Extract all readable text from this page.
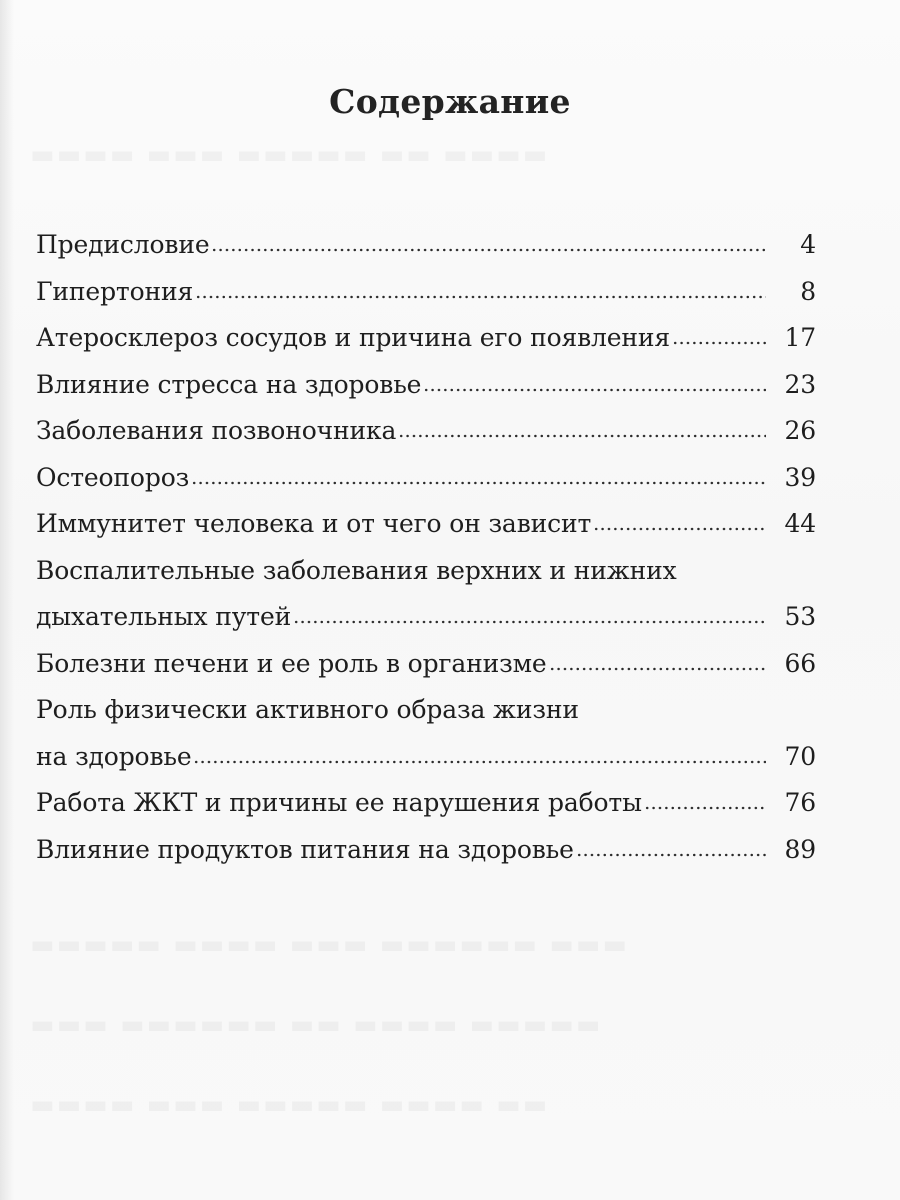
Содержание
Предисловие	4
Гипертония	8
Атеросклероз сосудов и причина его появления	17
Влияние стресса на здоровье	23
Заболевания позвоночника	26
Остеопороз	39
Иммунитет человека и от чего он зависит	44
Воспалительные заболевания верхних и нижних
дыхательных путей	53
Болезни печени и ее роль в организме	66
Роль физически активного образа жизни
на здоровье	70
Работа ЖКТ и причины ее нарушения работы	76
Влияние продуктов питания на здоровье	89
